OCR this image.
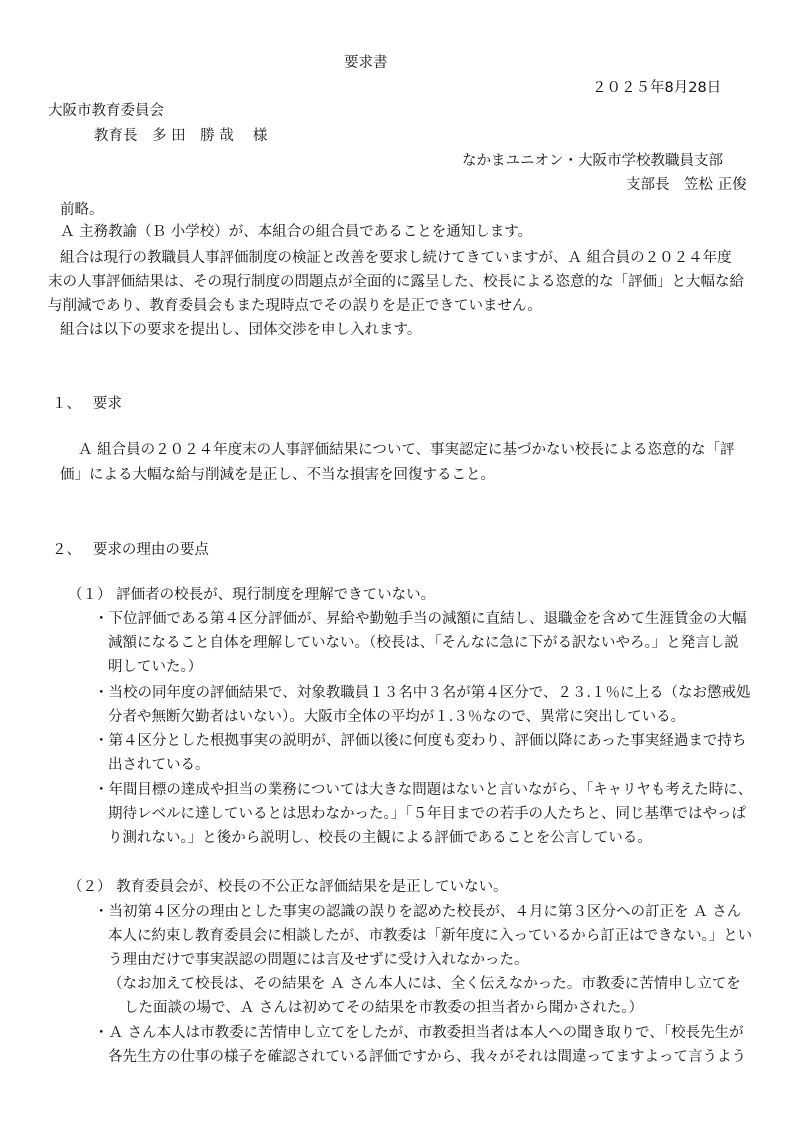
要求書
２０２５年8月28日
大阪市教育委員会
教育長　多 田　勝 哉　 様
なかまユニオン・大阪市学校教職員支部
支部長　笠松 正俊
前略。
Ａ 主務教諭（Ｂ 小学校）が、本組合の組合員であることを通知します。
組合は現行の教職員人事評価制度の検証と改善を要求し続けてきていますが、Ａ 組合員の２０２４年度
末の人事評価結果は、その現行制度の問題点が全面的に露呈した、校長による恣意的な「評価」と大幅な給
与削減であり、教育委員会もまた現時点でその誤りを是正できていません。
組合は以下の要求を提出し、団体交渉を申し入れます。
１、　 要求
Ａ 組合員の２０２４年度末の人事評価結果について、事実認定に基づかない校長による恣意的な「評
価」による大幅な給与削減を是正し、不当な損害を回復すること。
２、　 要求の理由の要点
（１） 評価者の校長が、現行制度を理解できていない。
・下位評価である第４区分評価が、昇給や勤勉手当の減額に直結し、退職金を含めて生涯賃金の大幅
減額になること自体を理解していない。（校長は、「そんなに急に下がる訳ないやろ。」と発言し説
明していた。）
・当校の同年度の評価結果で、対象教職員１３名中３名が第４区分で、２３.１％に上る（なお懲戒処
分者や無断欠勤者はいない）。大阪市全体の平均が１.３％なので、異常に突出している。
・第４区分とした根拠事実の説明が、評価以後に何度も変わり、評価以降にあった事実経過まで持ち
出されている。
・年間目標の達成や担当の業務については大きな問題はないと言いながら、「キャリヤも考えた時に、
期待レベルに達しているとは思わなかった。」「５年目までの若手の人たちと、同じ基準ではやっぱ
り測れない。」と後から説明し、校長の主観による評価であることを公言している。
（２） 教育委員会が、校長の不公正な評価結果を是正していない。
・当初第４区分の理由とした事実の認識の誤りを認めた校長が、４月に第３区分への訂正を Ａ さん
本人に約束し教育委員会に相談したが、市教委は「新年度に入っているから訂正はできない。」とい
う理由だけで事実誤認の問題には言及せずに受け入れなかった。
（なお加えて校長は、その結果を Ａ さん本人には、全く伝えなかった。市教委に苦情申し立てを
した面談の場で、Ａ さんは初めてその結果を市教委の担当者から聞かされた。）
・Ａ さん本人は市教委に苦情申し立てをしたが、市教委担当者は本人への聞き取りで、「校長先生が
各先生方の仕事の様子を確認されている評価ですから、我々がそれは間違ってますよって言うよう
